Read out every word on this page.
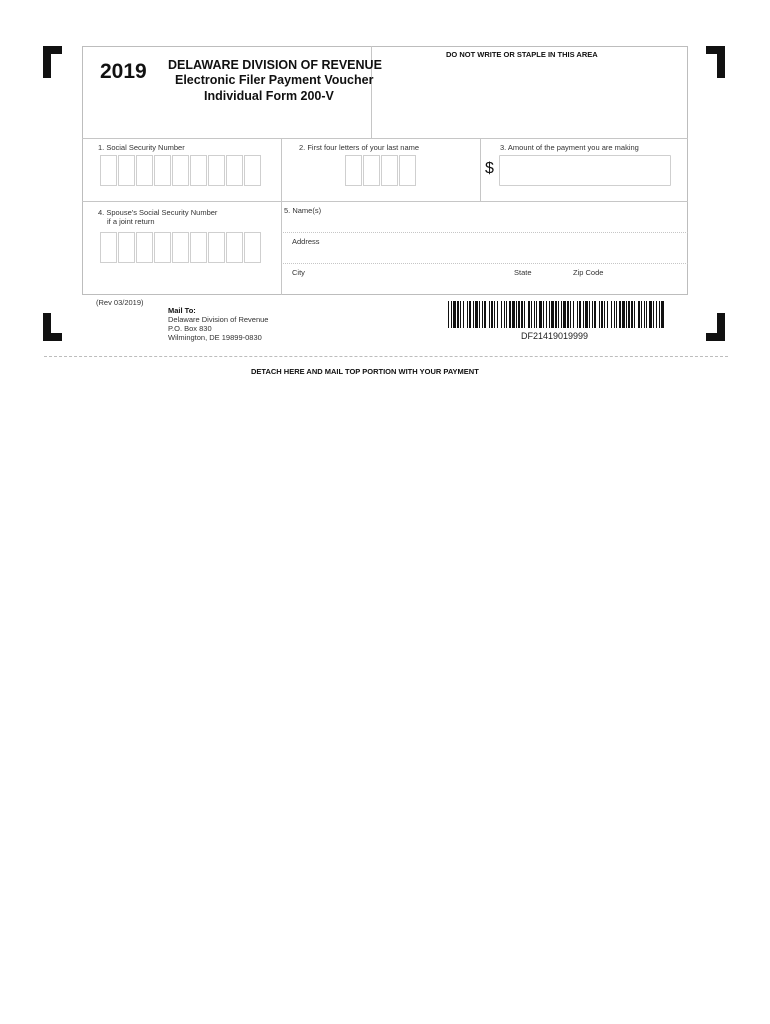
2019 DELAWARE DIVISION OF REVENUE
Electronic Filer Payment Voucher
Individual Form 200-V
DO NOT WRITE OR STAPLE IN THIS AREA
1. Social Security Number	2. First four letters of your last name	3. Amount of the payment you are making
$
4. Spouse's Social Security Number
if a joint return
5. Name(s)
Address
City	State	Zip Code
(Rev 03/2019)
Mail To:
Delaware Division of Revenue
P.O. Box 830
Wilmington, DE 19899-0830	DF21419019999
DETACH HERE AND MAIL TOP PORTION WITH YOUR PAYMENT
